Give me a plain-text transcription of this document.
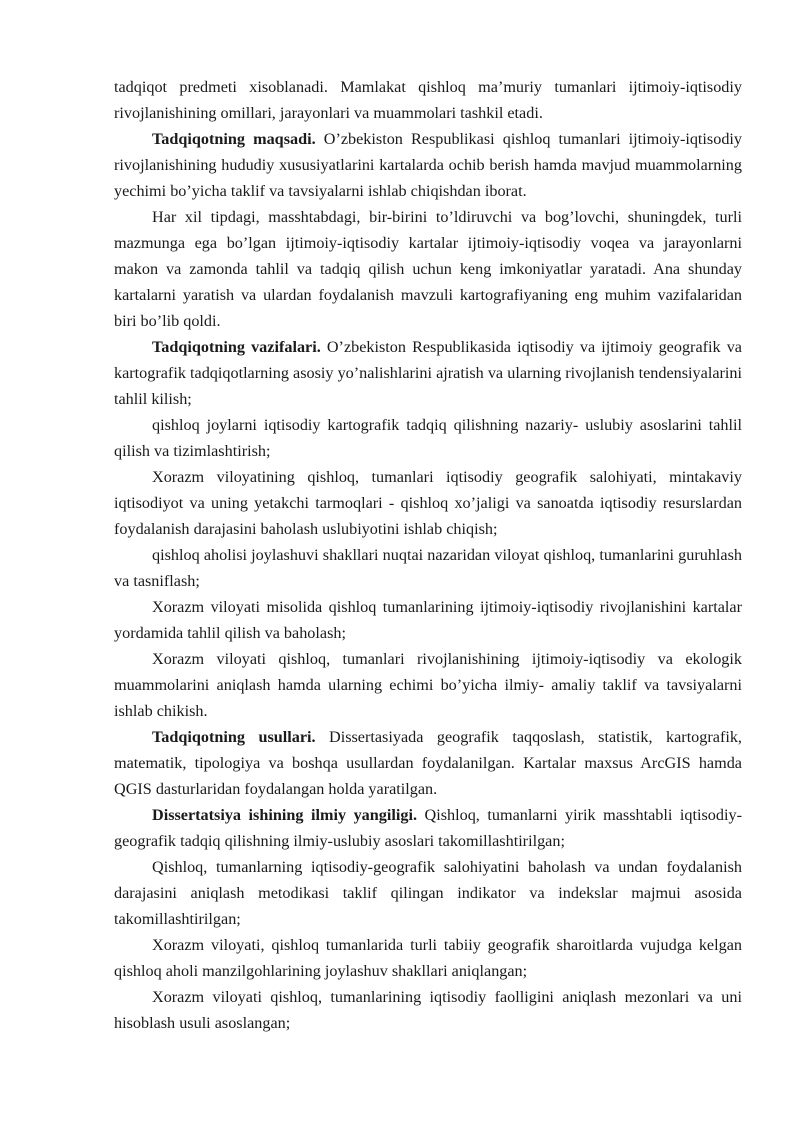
tadqiqot predmeti xisoblanadi. Mamlakat qishloq ma’muriy tumanlari ijtimoiy-iqtisodiy rivojlanishining omillari, jarayonlari va muammolari tashkil etadi.

Tadqiqotning maqsadi. O’zbekiston Respublikasi qishloq tumanlari ijtimoiy-iqtisodiy rivojlanishining hududiy xususiyatlarini kartalarda ochib berish hamda mavjud muammolarning yechimi bo’yicha taklif va tavsiyalarni ishlab chiqishdan iborat.

Har xil tipdagi, masshtabdagi, bir-birini to’ldiruvchi va bog’lovchi, shuningdek, turli mazmunga ega bo’lgan ijtimoiy-iqtisodiy kartalar ijtimoiy-iqtisodiy voqea va jarayonlarni makon va zamonda tahlil va tadqiq qilish uchun keng imkoniyatlar yaratadi. Ana shunday kartalarni yaratish va ulardan foydalanish mavzuli kartografiyaning eng muhim vazifalaridan biri bo’lib qoldi.

Tadqiqotning vazifalari. O’zbekiston Respublikasida iqtisodiy va ijtimoiy geografik va kartografik tadqiqotlarning asosiy yo’nalishlarini ajratish va ularning rivojlanish tendensiyalarini tahlil kilish;

qishloq joylarni iqtisodiy kartografik tadqiq qilishning nazariy- uslubiy asoslarini tahlil qilish va tizimlashtirish;

Xorazm viloyatining qishloq, tumanlari iqtisodiy geografik salohiyati, mintakaviy iqtisodiyot va uning yetakchi tarmoqlari - qishloq xo’jaligi va sanoatda iqtisodiy resurslardan foydalanish darajasini baholash uslubiyotini ishlab chiqish;

qishloq aholisi joylashuvi shakllari nuqtai nazaridan viloyat qishloq, tumanlarini guruhlash va tasniflash;

Xorazm viloyati misolida qishloq tumanlarining ijtimoiy-iqtisodiy rivojlanishini kartalar yordamida tahlil qilish va baholash;

Xorazm viloyati qishloq, tumanlari rivojlanishining ijtimoiy-iqtisodiy va ekologik muammolarini aniqlash hamda ularning echimi bo’yicha ilmiy- amaliy taklif va tavsiyalarni ishlab chikish.

Tadqiqotning usullari. Dissertasiyada geografik taqqoslash, statistik, kartografik, matematik, tipologiya va boshqa usullardan foydalanilgan. Kartalar maxsus ArcGIS hamda QGIS dasturlaridan foydalangan holda yaratilgan.

Dissertatsiya ishining ilmiy yangiligi. Qishloq, tumanlarni yirik masshtabli iqtisodiy-geografik tadqiq qilishning ilmiy-uslubiy asoslari takomillashtirilgan;

Qishloq, tumanlarning iqtisodiy-geografik salohiyatini baholash va undan foydalanish darajasini aniqlash metodikasi taklif qilingan indikator va indekslar majmui asosida takomillashtirilgan;

Xorazm viloyati, qishloq tumanlarida turli tabiiy geografik sharoitlarda vujudga kelgan qishloq aholi manzilgohlarining joylashuv shakllari aniqlangan;

Xorazm viloyati qishloq, tumanlarining iqtisodiy faolligini aniqlash mezonlari va uni hisoblash usuli asoslangan;
